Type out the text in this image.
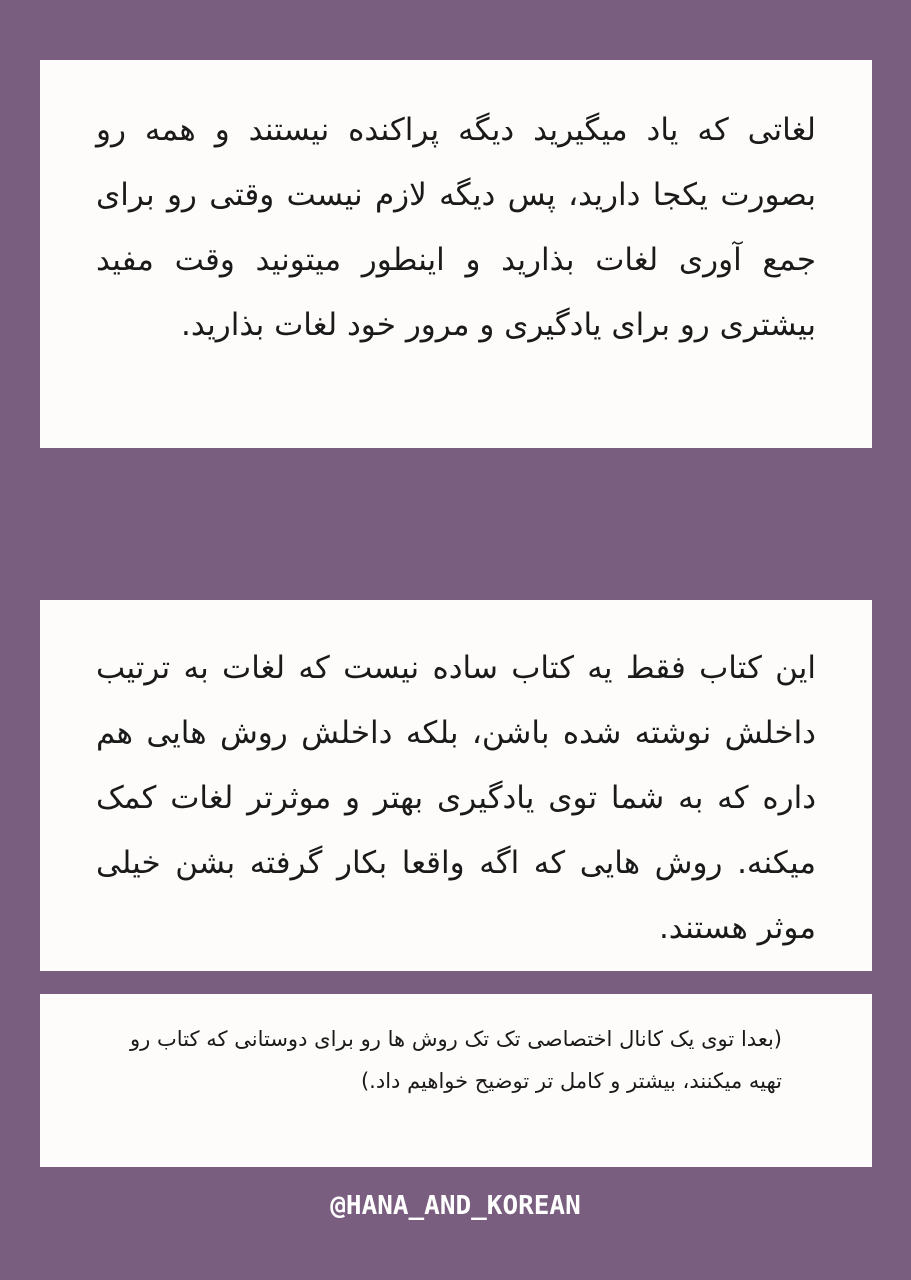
لغاتی که یاد میگیرید دیگه پراکنده نیستند و همه رو بصورت یکجا دارید، پس دیگه لازم نیست وقتی رو برای جمع آوری لغات بذارید و اینطور میتونید وقت مفید بیشتری رو برای یادگیری و مرور خود لغات بذارید.

این کتاب فقط یه کتاب ساده نیست که لغات به ترتیب داخلش نوشته شده باشن، بلکه داخلش روش هایی هم داره که به شما توی یادگیری بهتر و موثرتر لغات کمک میکنه. روش هایی که اگه واقعا بکار گرفته بشن خیلی موثر هستند.

(بعدا توی یک کانال اختصاصی تک تک روش ها رو برای دوستانی که کتاب رو تهیه میکنند، بیشتر و کامل تر توضیح خواهیم داد.)

@HANA_AND_KOREAN
